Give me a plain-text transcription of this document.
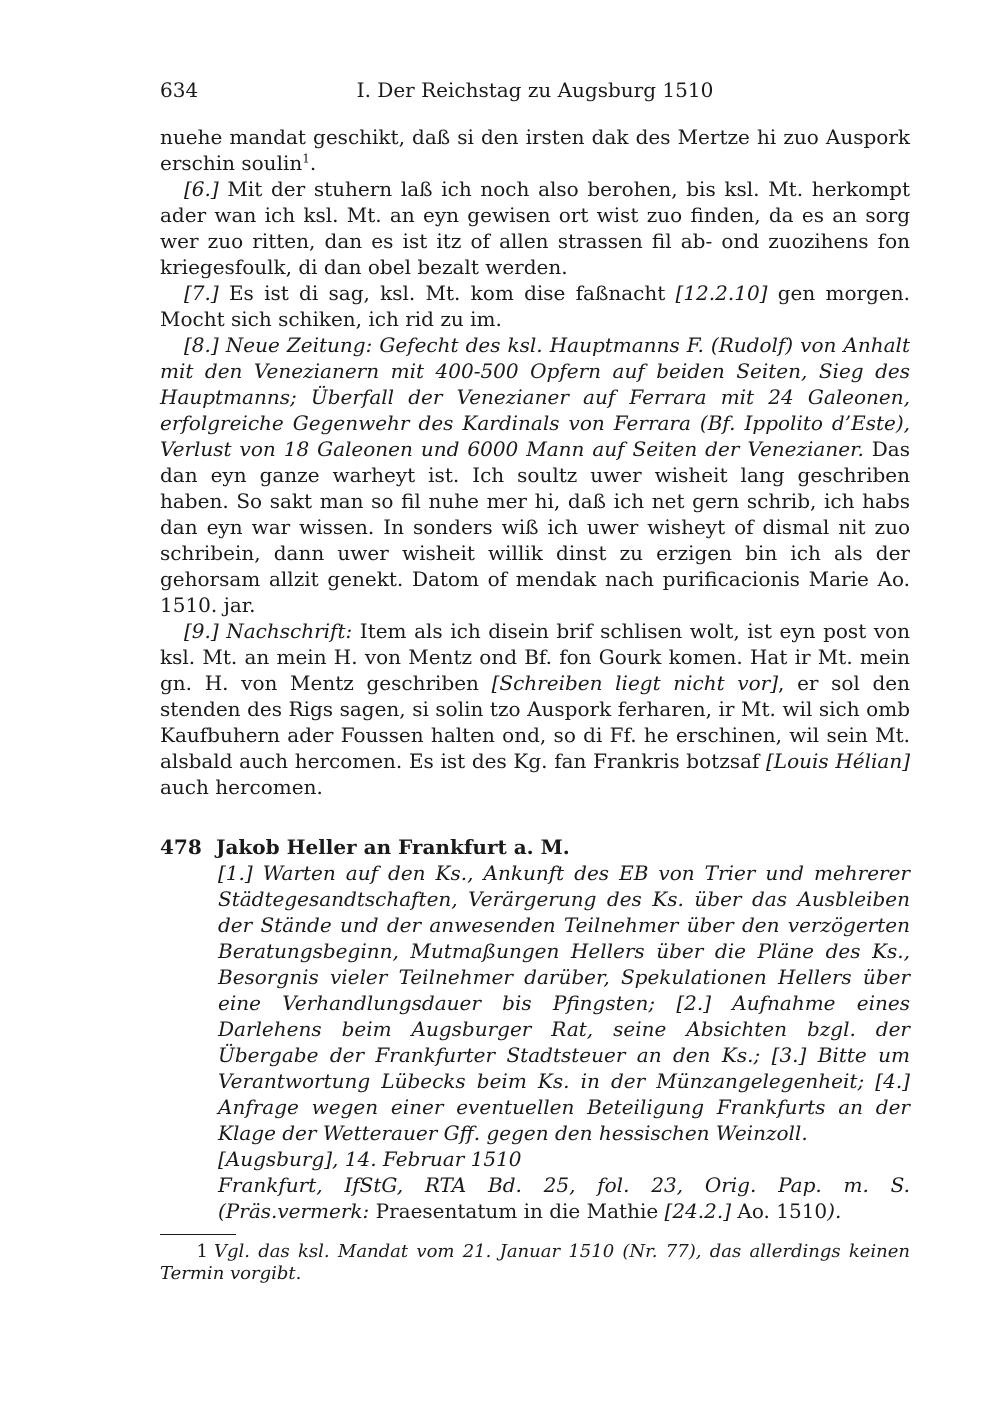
634	I. Der Reichstag zu Augsburg 1510

nuehe mandat geschikt, daß si den irsten dak des Mertze hi zuo Auspork erschin soulin$^1$.

[6.] Mit der stuhern laß ich noch also berohen, bis ksl. Mt. herkompt ader wan ich ksl. Mt. an eyn gewisen ort wist zuo finden, da es an sorg wer zuo ritten, dan es ist itz of allen strassen fil ab- ond zuozihens fon kriegesfoulk, di dan obel bezalt werden.

[7.] Es ist di sag, ksl. Mt. kom dise faßnacht [12.2.10] gen morgen. Mocht sich schiken, ich rid zu im.

[8.] Neue Zeitung: Gefecht des ksl. Hauptmanns F. (Rudolf) von Anhalt mit den Venezianern mit 400-500 Opfern auf beiden Seiten, Sieg des Hauptmanns; Überfall der Venezianer auf Ferrara mit 24 Galeonen, erfolgreiche Gegenwehr des Kardinals von Ferrara (Bf. Ippolito d’Este), Verlust von 18 Galeonen und 6000 Mann auf Seiten der Venezianer. Das dan eyn ganze warheyt ist. Ich soultz uwer wisheit lang geschriben haben. So sakt man so fil nuhe mer hi, daß ich net gern schrib, ich habs dan eyn war wissen. In sonders wiß ich uwer wisheyt of dismal nit zuo schribein, dann uwer wisheit willik dinst zu erzigen bin ich als der gehorsam allzit genekt. Datom of mendak nach purificacionis Marie Ao. 1510. jar.

[9.] Nachschrift: Item als ich disein brif schlisen wolt, ist eyn post von ksl. Mt. an mein H. von Mentz ond Bf. fon Gourk komen. Hat ir Mt. mein gn. H. von Mentz geschriben [Schreiben liegt nicht vor], er sol den stenden des Rigs sagen, si solin tzo Auspork ferharen, ir Mt. wil sich omb Kaufbuhern ader Foussen halten ond, so di Ff. he erschinen, wil sein Mt. alsbald auch hercomen. Es ist des Kg. fan Frankris botzsaf [Louis Hélian] auch hercomen.

478 Jakob Heller an Frankfurt a. M.

[1.] Warten auf den Ks., Ankunft des EB von Trier und mehrerer Städtegesandtschaften, Verärgerung des Ks. über das Ausbleiben der Stände und der anwesenden Teilnehmer über den verzögerten Beratungsbeginn, Mutmaßungen Hellers über die Pläne des Ks., Besorgnis vieler Teilnehmer darüber, Spekulationen Hellers über eine Verhandlungsdauer bis Pfingsten; [2.] Aufnahme eines Darlehens beim Augsburger Rat, seine Absichten bzgl. der Übergabe der Frankfurter Stadtsteuer an den Ks.; [3.] Bitte um Verantwortung Lübecks beim Ks. in der Münzangelegenheit; [4.] Anfrage wegen einer eventuellen Beteiligung Frankfurts an der Klage der Wetterauer Gff. gegen den hessischen Weinzoll.

[Augsburg], 14. Februar 1510

Frankfurt, IfStG, RTA Bd. 25, fol. 23, Orig. Pap. m. S. (Präs.vermerk: Praesentatum in die Mathie [24.2.] Ao. 1510).

1 Vgl. das ksl. Mandat vom 21. Januar 1510 (Nr. 77), das allerdings keinen Termin vorgibt.
